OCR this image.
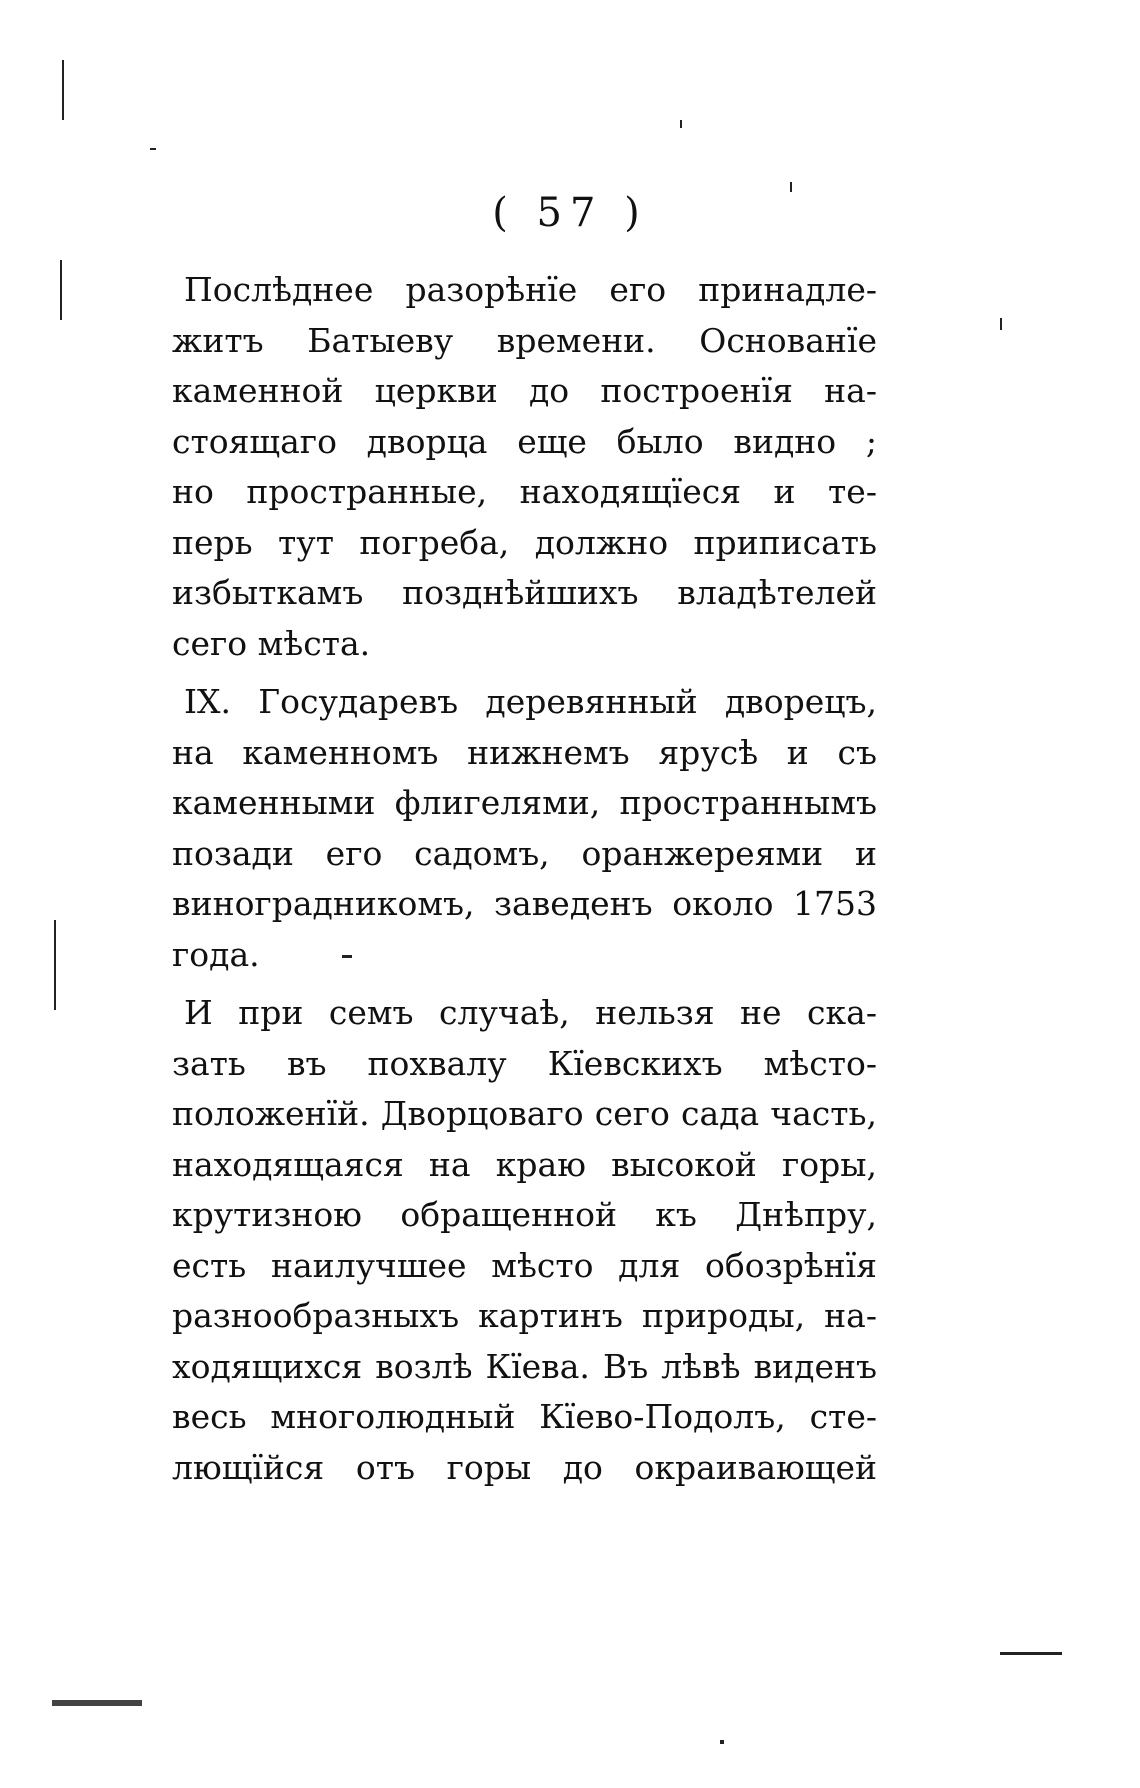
( 57 )
Послѣднее разорѣнїе его принадле-
житъ Батыеву времени. Основанїе
каменной церкви до построенїя на-
стоящаго дворца еще было видно ;
но пространные, находящїеся и те-
перь тут погреба, должно приписать
избыткамъ позднѣйшихъ владѣтелей
сего мѣста.
IX. Государевъ деревянный дворецъ,
на каменномъ нижнемъ ярусѣ и съ
каменными флигелями, пространнымъ
позади его садомъ, оранжереями и
виноградникомъ, заведенъ около 1753
года.
И при семъ случаѣ, нельзя не ска-
зать въ похвалу Кїевскихъ мѣсто-
положенїй. Дворцоваго сего сада часть,
находящаяся на краю высокой горы,
крутизною обращенной къ Днѣпру,
есть наилучшее мѣсто для обозрѣнїя
разнообразныхъ картинъ природы, на-
ходящихся возлѣ Кїева. Въ лѣвѣ виденъ
весь многолюдный Кїево-Подолъ, сте-
лющїйся отъ горы до окраивающей
